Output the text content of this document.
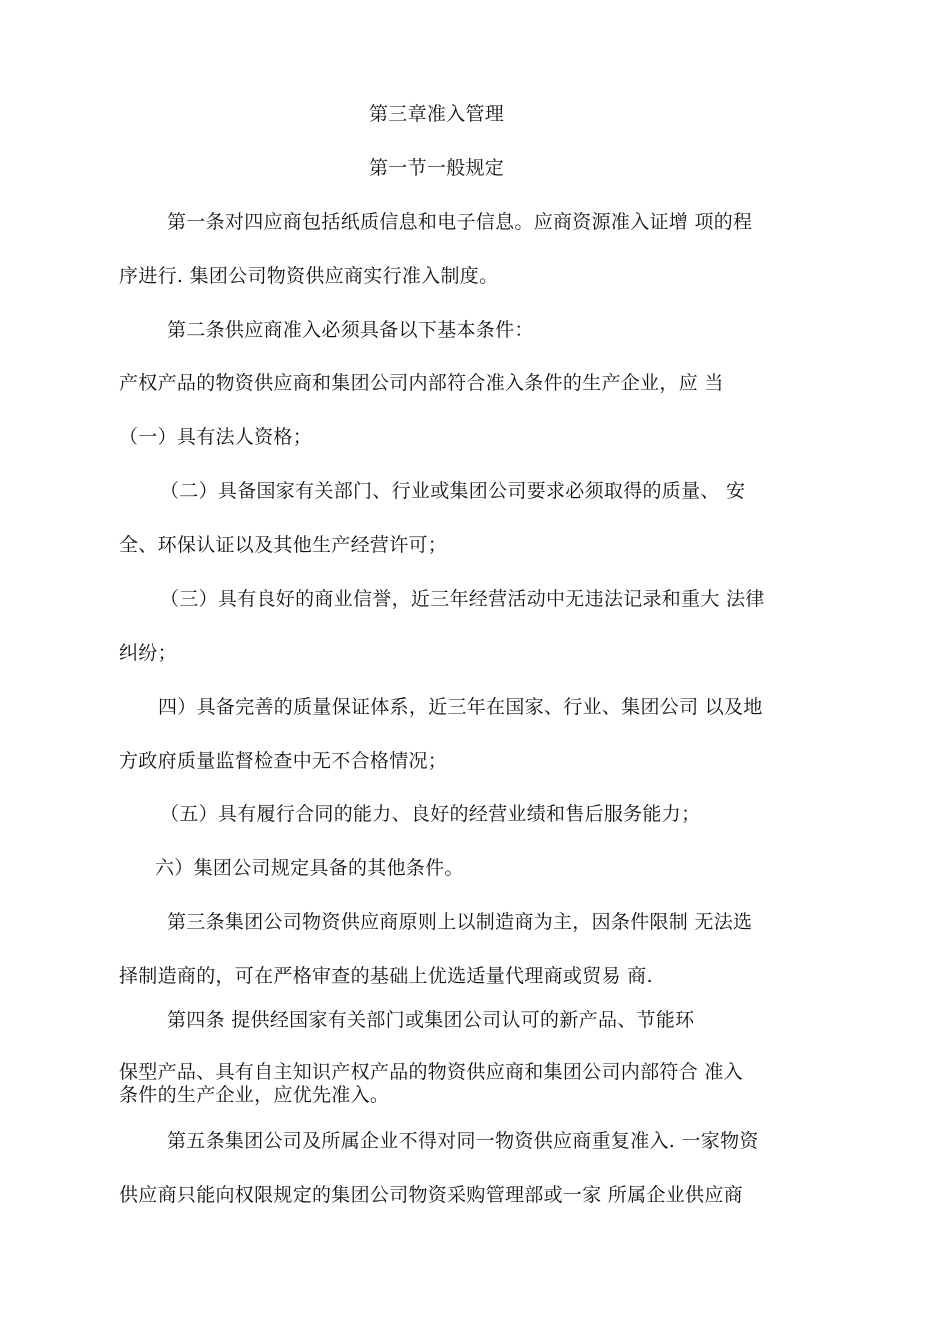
第三章准入管理
第一节一般规定
第一条对四应商包括纸质信息和电子信息。应商资源准入证增 项的程
序进行. 集团公司物资供应商实行准入制度。
第二条供应商准入必须具备以下基本条件：
产权产品的物资供应商和集团公司内部符合准入条件的生产企业，应 当
（一）具有法人资格；
（二）具备国家有关部门、行业或集团公司要求必须取得的质量、 安
全、环保认证以及其他生产经营许可；
（三）具有良好的商业信誉，近三年经营活动中无违法记录和重大 法律
纠纷；
四）具备完善的质量保证体系，近三年在国家、行业、集团公司 以及地
方政府质量监督检查中无不合格情况；
（五）具有履行合同的能力、良好的经营业绩和售后服务能力；
六）集团公司规定具备的其他条件。
第三条集团公司物资供应商原则上以制造商为主，因条件限制 无法选
择制造商的，可在严格审查的基础上优选适量代理商或贸易 商.
第四条 提供经国家有关部门或集团公司认可的新产品、节能环
保型产品、具有自主知识产权产品的物资供应商和集团公司内部符合 准入
条件的生产企业，应优先准入。
第五条集团公司及所属企业不得对同一物资供应商重复准入. 一家物资
供应商只能向权限规定的集团公司物资采购管理部或一家 所属企业供应商
